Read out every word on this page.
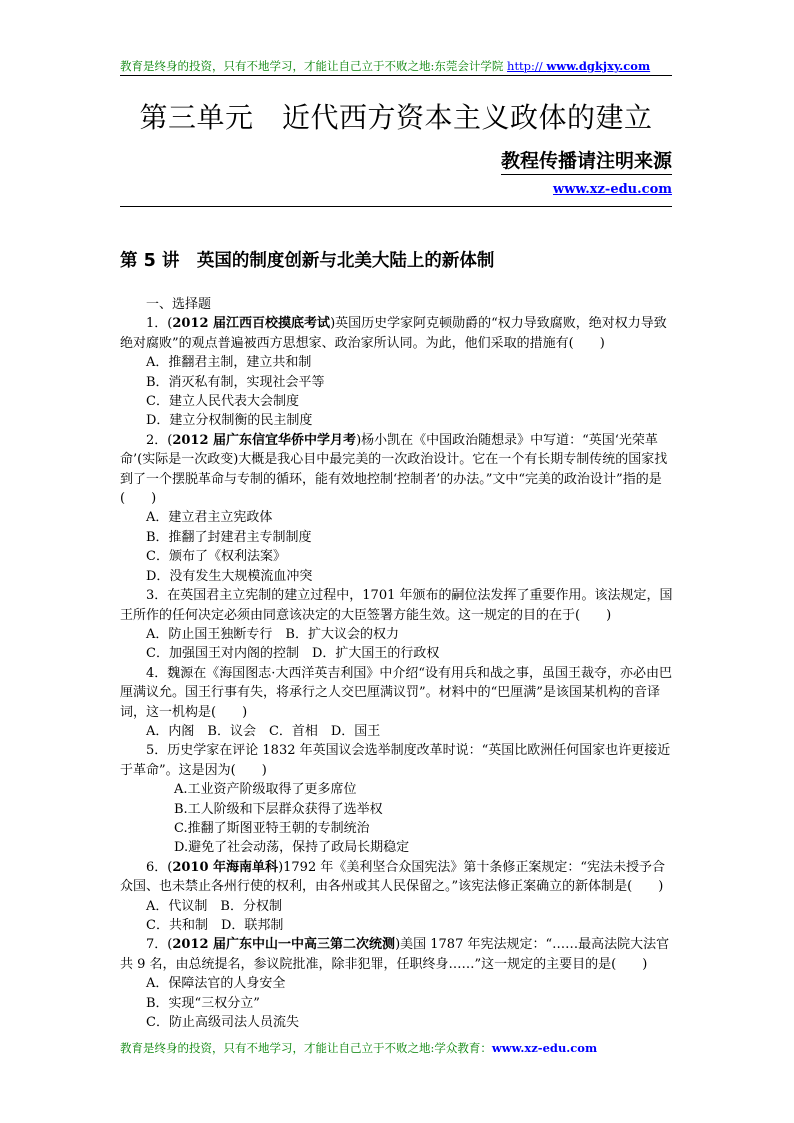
教育是终身的投资，只有不地学习，才能让自己立于不败之地:东莞会计学院 http:// www.dgkjxy.com
第三单元　近代西方资本主义政体的建立
教程传播请注明来源
www.xz-edu.com
第 5 讲　英国的制度创新与北美大陆上的新体制

一、选择题

1．(2012 届江西百校摸底考试)英国历史学家阿克顿勋爵的“权力导致腐败，绝对权力导致绝对腐败”的观点普遍被西方思想家、政治家所认同。为此，他们采取的措施有(　　)

A．推翻君主制，建立共和制

B．消灭私有制，实现社会平等

C．建立人民代表大会制度

D．建立分权制衡的民主制度

2．(2012 届广东信宜华侨中学月考)杨小凯在《中国政治随想录》中写道：“英国‘光荣革命’(实际是一次政变)大概是我心目中最完美的一次政治设计。它在一个有长期专制传统的国家找到了一个摆脱革命与专制的循环，能有效地控制‘控制者’的办法。”文中“完美的政治设计”指的是(　　)

A．建立君主立宪政体

B．推翻了封建君主专制制度

C．颁布了《权利法案》

D．没有发生大规模流血冲突

3．在英国君主立宪制的建立过程中，1701 年颁布的嗣位法发挥了重要作用。该法规定，国王所作的任何决定必须由同意该决定的大臣签署方能生效。这一规定的目的在于(　　)

A．防止国王独断专行　B．扩大议会的权力

C．加强国王对内阁的控制　D．扩大国王的行政权

4．魏源在《海国图志·大西洋英吉利国》中介绍“设有用兵和战之事，虽国王裁夺，亦必由巴厘满议允。国王行事有失，将承行之人交巴厘满议罚”。材料中的“巴厘满”是该国某机构的音译词，这一机构是(　　)

A．内阁　B．议会　C．首相　D．国王

5．历史学家在评论 1832 年英国议会选举制度改革时说：“英国比欧洲任何国家也许更接近于革命”。这是因为(　　)

A.工业资产阶级取得了更多席位

B.工人阶级和下层群众获得了选举权

C.推翻了斯图亚特王朝的专制统治

D.避免了社会动荡，保持了政局长期稳定

6．(2010 年海南单科)1792 年《美利坚合众国宪法》第十条修正案规定：“宪法未授予合众国、也未禁止各州行使的权利，由各州或其人民保留之。”该宪法修正案确立的新体制是(　　)

A．代议制　B．分权制

C．共和制　D．联邦制

7．(2012 届广东中山一中高三第二次统测)美国 1787 年宪法规定：“……最高法院大法官共 9 名，由总统提名，参议院批准，除非犯罪，任职终身……”这一规定的主要目的是(　　)

A．保障法官的人身安全

B．实现“三权分立”

C．防止高级司法人员流失

教育是终身的投资，只有不地学习，才能让自己立于不败之地:学众教育：www.xz-edu.com
